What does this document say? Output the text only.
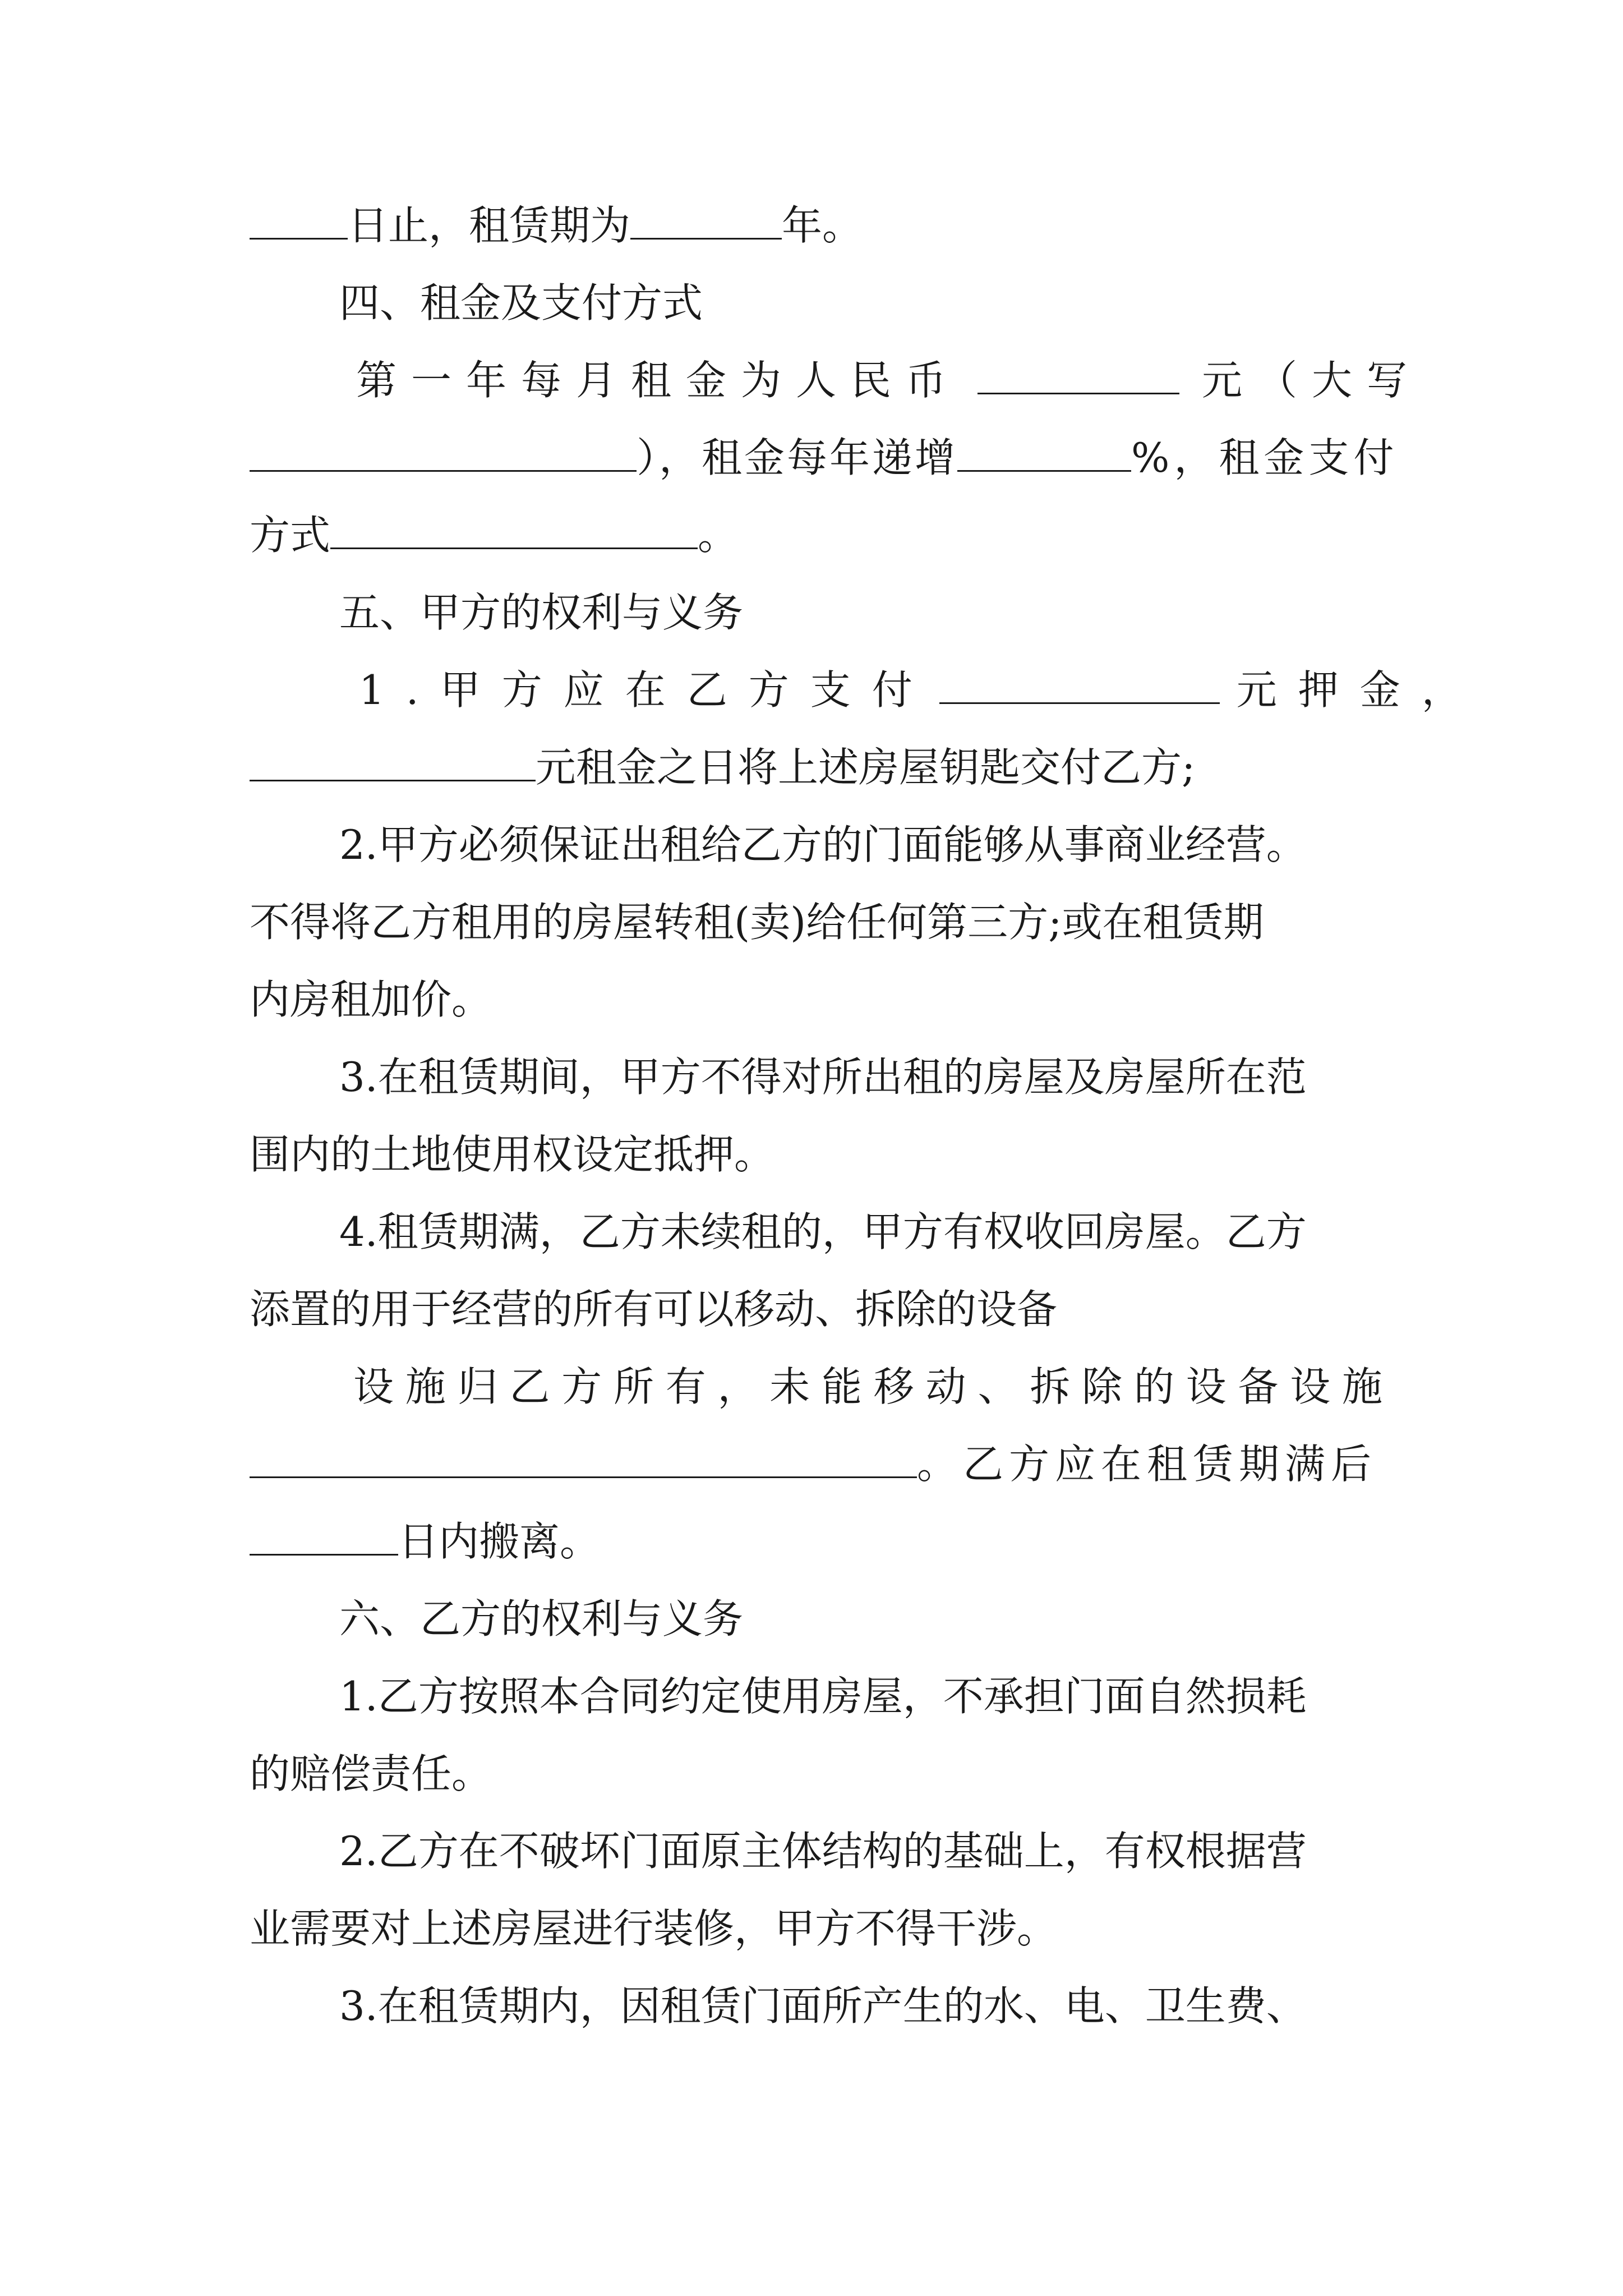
日止，租赁期为	年。

四、租金及支付方式

第一年每月租金为人民币	元（大写

），租金每年递增	%，租金支付

方式	。

五、甲方的权利与义务

1.甲方应在乙方支付	元押金，

元租金之日将上述房屋钥匙交付乙方;

2.甲方必须保证出租给乙方的门面能够从事商业经营。

不得将乙方租用的房屋转租(卖)给任何第三方;或在租赁期

内房租加价。

3.在租赁期间，甲方不得对所出租的房屋及房屋所在范

围内的土地使用权设定抵押。

4.租赁期满，乙方未续租的，甲方有权收回房屋。乙方

添置的用于经营的所有可以移动、拆除的设备

设施归乙方所有，未能移动、拆除的设备设施

。乙方应在租赁期满后

日内搬离。

六、乙方的权利与义务

1.乙方按照本合同约定使用房屋，不承担门面自然损耗

的赔偿责任。

2.乙方在不破坏门面原主体结构的基础上，有权根据营

业需要对上述房屋进行装修，甲方不得干涉。

3.在租赁期内，因租赁门面所产生的水、电、卫生费、
